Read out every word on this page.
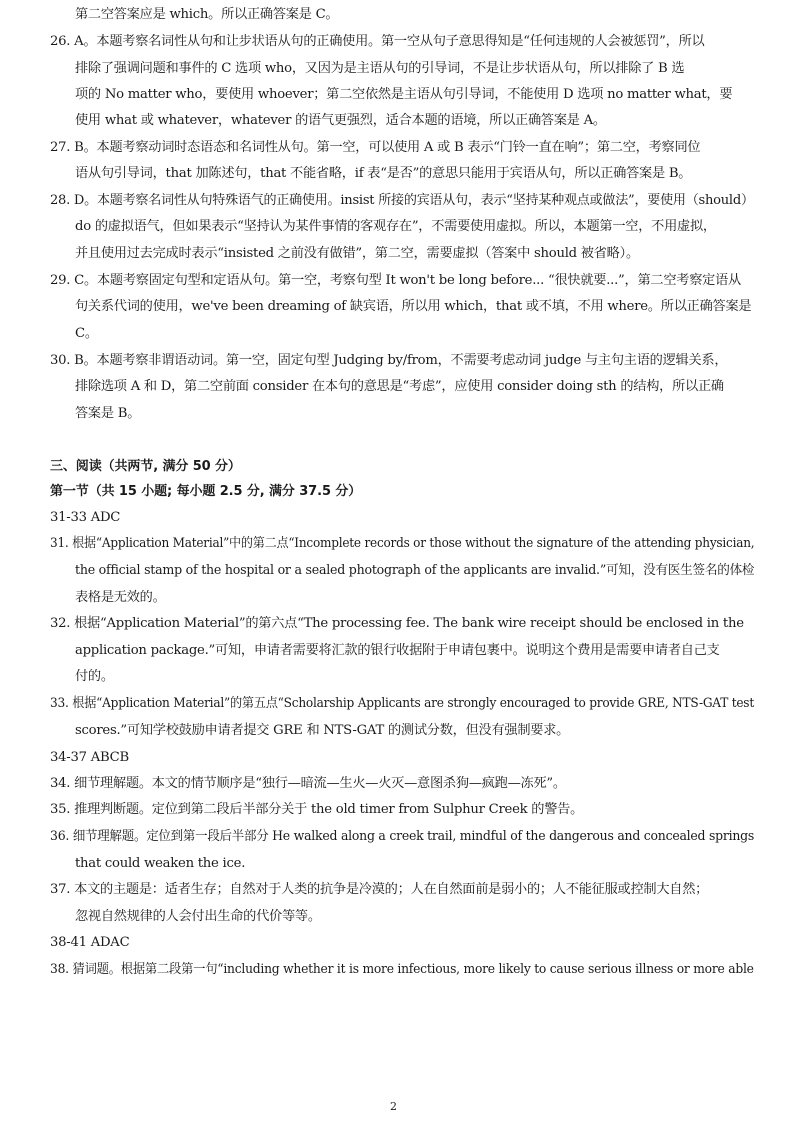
第二空答案应是 which。所以正确答案是 C。
26. A。本题考察名词性从句和让步状语从句的正确使用。第一空从句子意思得知是“任何违规的人会被惩罚”，所以
排除了强调问题和事件的 C 选项 who，又因为是主语从句的引导词，不是让步状语从句，所以排除了 B 选
项的 No matter who，要使用 whoever；第二空依然是主语从句引导词，不能使用 D 选项 no matter what，要
使用 what 或 whatever，whatever 的语气更强烈，适合本题的语境，所以正确答案是 A。
27. B。本题考察动词时态语态和名词性从句。第一空，可以使用 A 或 B 表示“门铃一直在响”；第二空，考察同位
语从句引导词，that 加陈述句，that 不能省略，if 表“是否”的意思只能用于宾语从句，所以正确答案是 B。
28. D。本题考察名词性从句特殊语气的正确使用。insist 所接的宾语从句，表示“坚持某种观点或做法”，要使用（should）
do 的虚拟语气，但如果表示“坚持认为某件事情的客观存在”，不需要使用虚拟。所以，本题第一空，不用虚拟，
并且使用过去完成时表示“insisted 之前没有做错”，第二空，需要虚拟（答案中 should 被省略）。
29. C。本题考察固定句型和定语从句。第一空，考察句型 It won't be long before... “很快就要...”，第二空考察定语从
句关系代词的使用，we've been dreaming of 缺宾语，所以用 which，that 或不填，不用 where。所以正确答案是
C。
30. B。本题考察非谓语动词。第一空，固定句型 Judging by/from，不需要考虑动词 judge 与主句主语的逻辑关系，
排除选项 A 和 D，第二空前面 consider 在本句的意思是“考虑”，应使用 consider doing sth 的结构，所以正确
答案是 B。
三、阅读（共两节, 满分 50 分）
第一节（共 15 小题; 每小题 2.5 分, 满分 37.5 分）
31-33 ADC
31. 根据“Application Material”中的第二点“Incomplete records or those without the signature of the attending physician,
the official stamp of the hospital or a sealed photograph of the applicants are invalid.”可知，没有医生签名的体检
表格是无效的。
32. 根据“Application Material”的第六点“The processing fee. The bank wire receipt should be enclosed in the
application package.”可知，申请者需要将汇款的银行收据附于申请包裹中。说明这个费用是需要申请者自己支
付的。
33. 根据“Application Material”的第五点“Scholarship Applicants are strongly encouraged to provide GRE, NTS-GAT test
scores.”可知学校鼓励申请者提交 GRE 和 NTS-GAT 的测试分数，但没有强制要求。
34-37 ABCB
34. 细节理解题。本文的情节顺序是“独行—暗流—生火—火灭—意图杀狗—疯跑—冻死”。
35. 推理判断题。定位到第二段后半部分关于 the old timer from Sulphur Creek 的警告。
36. 细节理解题。定位到第一段后半部分 He walked along a creek trail, mindful of the dangerous and concealed springs
that could weaken the ice.
37. 本文的主题是：适者生存；自然对于人类的抗争是冷漠的；人在自然面前是弱小的；人不能征服或控制大自然；
忽视自然规律的人会付出生命的代价等等。
38-41 ADAC
38. 猜词题。根据第二段第一句“including whether it is more infectious, more likely to cause serious illness or more able
2
